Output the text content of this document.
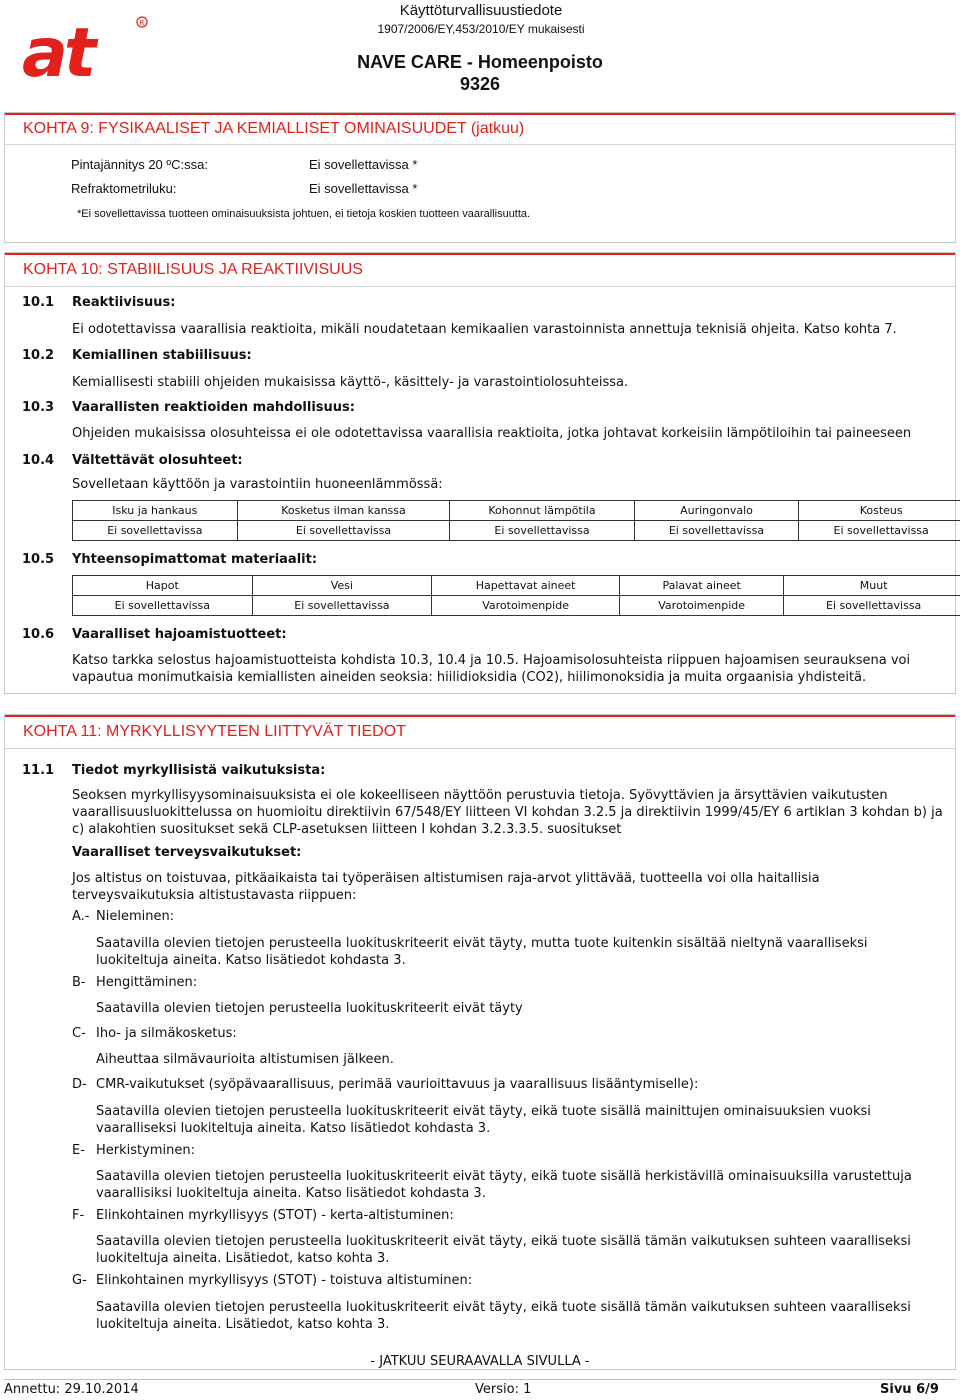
at	R
Käyttöturvallisuustiedote
1907/2006/EY,453/2010/EY mukaisesti
NAVE CARE - Homeenpoisto
9326
KOHTA 9: FYSIKAALISET JA KEMIALLISET OMINAISUUDET (jatkuu)
Pintajännitys 20 ºC:ssa:	Ei sovellettavissa *
Refraktometriluku:	Ei sovellettavissa *
*Ei sovellettavissa tuotteen ominaisuuksista johtuen, ei tietoja koskien tuotteen vaarallisuutta.
KOHTA 10: STABIILISUUS JA REAKTIIVISUUS
10.1 Reaktiivisuus:
Ei odotettavissa vaarallisia reaktioita, mikäli noudatetaan kemikaalien varastoinnista annettuja teknisiä ohjeita. Katso kohta 7.
10.2 Kemiallinen stabiilisuus:
Kemiallisesti stabiili ohjeiden mukaisissa käyttö-, käsittely- ja varastointiolosuhteissa.
10.3 Vaarallisten reaktioiden mahdollisuus:
Ohjeiden mukaisissa olosuhteissa ei ole odotettavissa vaarallisia reaktioita, jotka johtavat korkeisiin lämpötiloihin tai paineeseen
10.4 Vältettävät olosuhteet:
Sovelletaan käyttöön ja varastointiin huoneenlämmössä:
Isku ja hankaus	Kosketus ilman kanssa	Kohonnut lämpötila	Auringonvalo	Kosteus
Ei sovellettavissa	Ei sovellettavissa	Ei sovellettavissa	Ei sovellettavissa	Ei sovellettavissa
10.5 Yhteensopimattomat materiaalit:
Hapot	Vesi	Hapettavat aineet	Palavat aineet	Muut
Ei sovellettavissa	Ei sovellettavissa	Varotoimenpide	Varotoimenpide	Ei sovellettavissa
10.6 Vaaralliset hajoamistuotteet:
Katso tarkka selostus hajoamistuotteista kohdista 10.3, 10.4 ja 10.5. Hajoamisolosuhteista riippuen hajoamisen seurauksena voi vapautua monimutkaisia kemiallisten aineiden seoksia: hiilidioksidia (CO2), hiilimonoksidia ja muita orgaanisia yhdisteitä.
KOHTA 11: MYRKYLLISYYTEEN LIITTYVÄT TIEDOT
11.1 Tiedot myrkyllisistä vaikutuksista:
Seoksen myrkyllisyysominaisuuksista ei ole kokeelliseen näyttöön perustuvia tietoja. Syövyttävien ja ärsyttävien vaikutusten vaarallisuusluokittelussa on huomioitu direktiivin 67/548/EY liitteen VI kohdan 3.2.5 ja direktiivin 1999/45/EY 6 artiklan 3 kohdan b) ja c) alakohtien suositukset sekä CLP-asetuksen liitteen I kohdan 3.2.3.3.5. suositukset
Vaaralliset terveysvaikutukset:
Jos altistus on toistuvaa, pitkäaikaista tai työperäisen altistumisen raja-arvot ylittävää, tuotteella voi olla haitallisia terveysvaikutuksia altistustavasta riippuen:
A.- Nieleminen:
Saatavilla olevien tietojen perusteella luokituskriteerit eivät täyty, mutta tuote kuitenkin sisältää nieltynä vaaralliseksi luokiteltuja aineita. Katso lisätiedot kohdasta 3.
B- Hengittäminen:
Saatavilla olevien tietojen perusteella luokituskriteerit eivät täyty
C- Iho- ja silmäkosketus:
Aiheuttaa silmävaurioita altistumisen jälkeen.
D- CMR-vaikutukset (syöpävaarallisuus, perimää vaurioittavuus ja vaarallisuus lisääntymiselle):
Saatavilla olevien tietojen perusteella luokituskriteerit eivät täyty, eikä tuote sisällä mainittujen ominaisuuksien vuoksi vaaralliseksi luokiteltuja aineita. Katso lisätiedot kohdasta 3.
E- Herkistyminen:
Saatavilla olevien tietojen perusteella luokituskriteerit eivät täyty, eikä tuote sisällä herkistävillä ominaisuuksilla varustettuja vaarallisiksi luokiteltuja aineita. Katso lisätiedot kohdasta 3.
F- Elinkohtainen myrkyllisyys (STOT) - kerta-altistuminen:
Saatavilla olevien tietojen perusteella luokituskriteerit eivät täyty, eikä tuote sisällä tämän vaikutuksen suhteen vaaralliseksi luokiteltuja aineita. Lisätiedot, katso kohta 3.
G- Elinkohtainen myrkyllisyys (STOT) - toistuva altistuminen:
Saatavilla olevien tietojen perusteella luokituskriteerit eivät täyty, eikä tuote sisällä tämän vaikutuksen suhteen vaaralliseksi luokiteltuja aineita. Lisätiedot, katso kohta 3.
- JATKUU SEURAAVALLA SIVULLA -
Annettu: 29.10.2014	Versio: 1	Sivu 6/9
